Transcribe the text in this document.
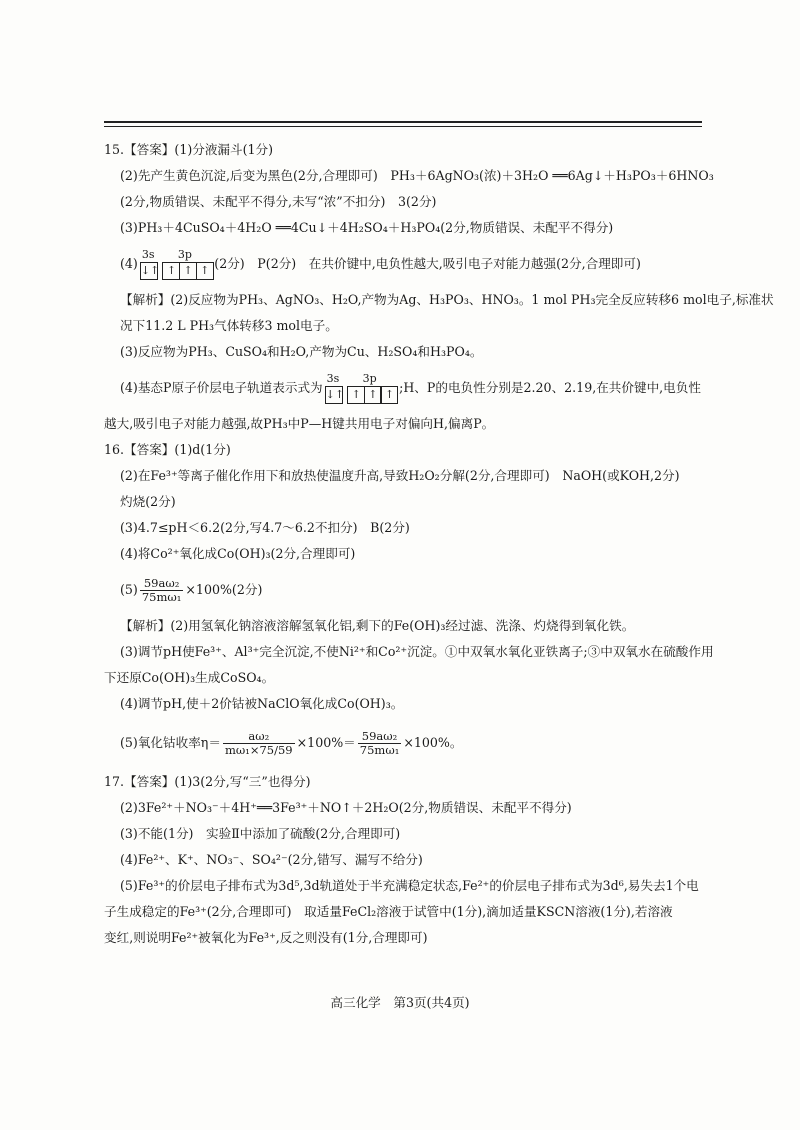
15.【答案】(1)分液漏斗(1分)
(2)先产生黄色沉淀,后变为黑色(2分,合理即可)　PH₃＋6AgNO₃(浓)＋3H₂O ══6Ag↓＋H₃PO₃＋6HNO₃
(2分,物质错误、未配平不得分,未写“浓”不扣分)　3(2分)
(3)PH₃＋4CuSO₄＋4H₂O ══4Cu↓＋4H₂SO₄＋H₃PO₄(2分,物质错误、未配平不得分)
(4)
3s 3p
↓↑ ↑ ↑ ↑ (2分)　P(2分)　在共价键中,电负性越大,吸引电子对能力越强(2分,合理即可)
【解析】(2)反应物为PH₃、AgNO₃、H₂O,产物为Ag、H₃PO₃、HNO₃。1 mol PH₃完全反应转移6 mol电子,标准状
况下11.2 L PH₃气体转移3 mol电子。
(3)反应物为PH₃、CuSO₄和H₂O,产物为Cu、H₂SO₄和H₃PO₄。
(4)基态P原子价层电子轨道表示式为
3s 3p
↓↑ ↑ ↑ ↑ ;H、P的电负性分别是2.20、2.19,在共价键中,电负性
越大,吸引电子对能力越强,故PH₃中P—H键共用电子对偏向H,偏离P。
16.【答案】(1)d(1分)
(2)在Fe³⁺等离子催化作用下和放热使温度升高,导致H₂O₂分解(2分,合理即可)　NaOH(或KOH,2分)
灼烧(2分)
(3)4.7≤pH＜6.2(2分,写4.7～6.2不扣分)　B(2分)
(4)将Co²⁺氧化成Co(OH)₃(2分,合理即可)
$(5) \frac{\text{59aω₂}}{\text{75mω₁}} \times 100\%(2$分)
【解析】(2)用氢氧化钠溶液溶解氢氧化铝,剩下的Fe(OH)₃经过滤、洗涤、灼烧得到氧化铁。
(3)调节pH使Fe³⁺、Al³⁺完全沉淀,不使Ni²⁺和Co²⁺沉淀。①中双氧水氧化亚铁离子;③中双氧水在硫酸作用
下还原Co(OH)₃生成CoSO₄。
(4)调节pH,使＋2价钴被NaClO氧化成Co(OH)₃。
(5)氧化钴收率$\eta= \frac{\text{aω₂}}{\text{mω₁×75/59}} \times 100\%= \frac{\text{59aω₂}}{\text{75mω₁}} \times 100\%$。
17.【答案】(1)3(2分,写“三”也得分)
(2)3Fe²⁺＋NO₃⁻＋4H⁺══3Fe³⁺＋NO↑＋2H₂O(2分,物质错误、未配平不得分)
(3)不能(1分)　实验Ⅱ中添加了硫酸(2分,合理即可)
(4)Fe²⁺、K⁺、NO₃⁻、SO₄²⁻(2分,错写、漏写不给分)
(5)Fe³⁺的价层电子排布式为3d⁵,3d轨道处于半充满稳定状态,Fe²⁺的价层电子排布式为3d⁶,易失去1个电
子生成稳定的Fe³⁺(2分,合理即可)　取适量FeCl₂溶液于试管中(1分),滴加适量KSCN溶液(1分),若溶液
变红,则说明Fe²⁺被氧化为Fe³⁺,反之则没有(1分,合理即可)
高三化学　第3页(共4页)
